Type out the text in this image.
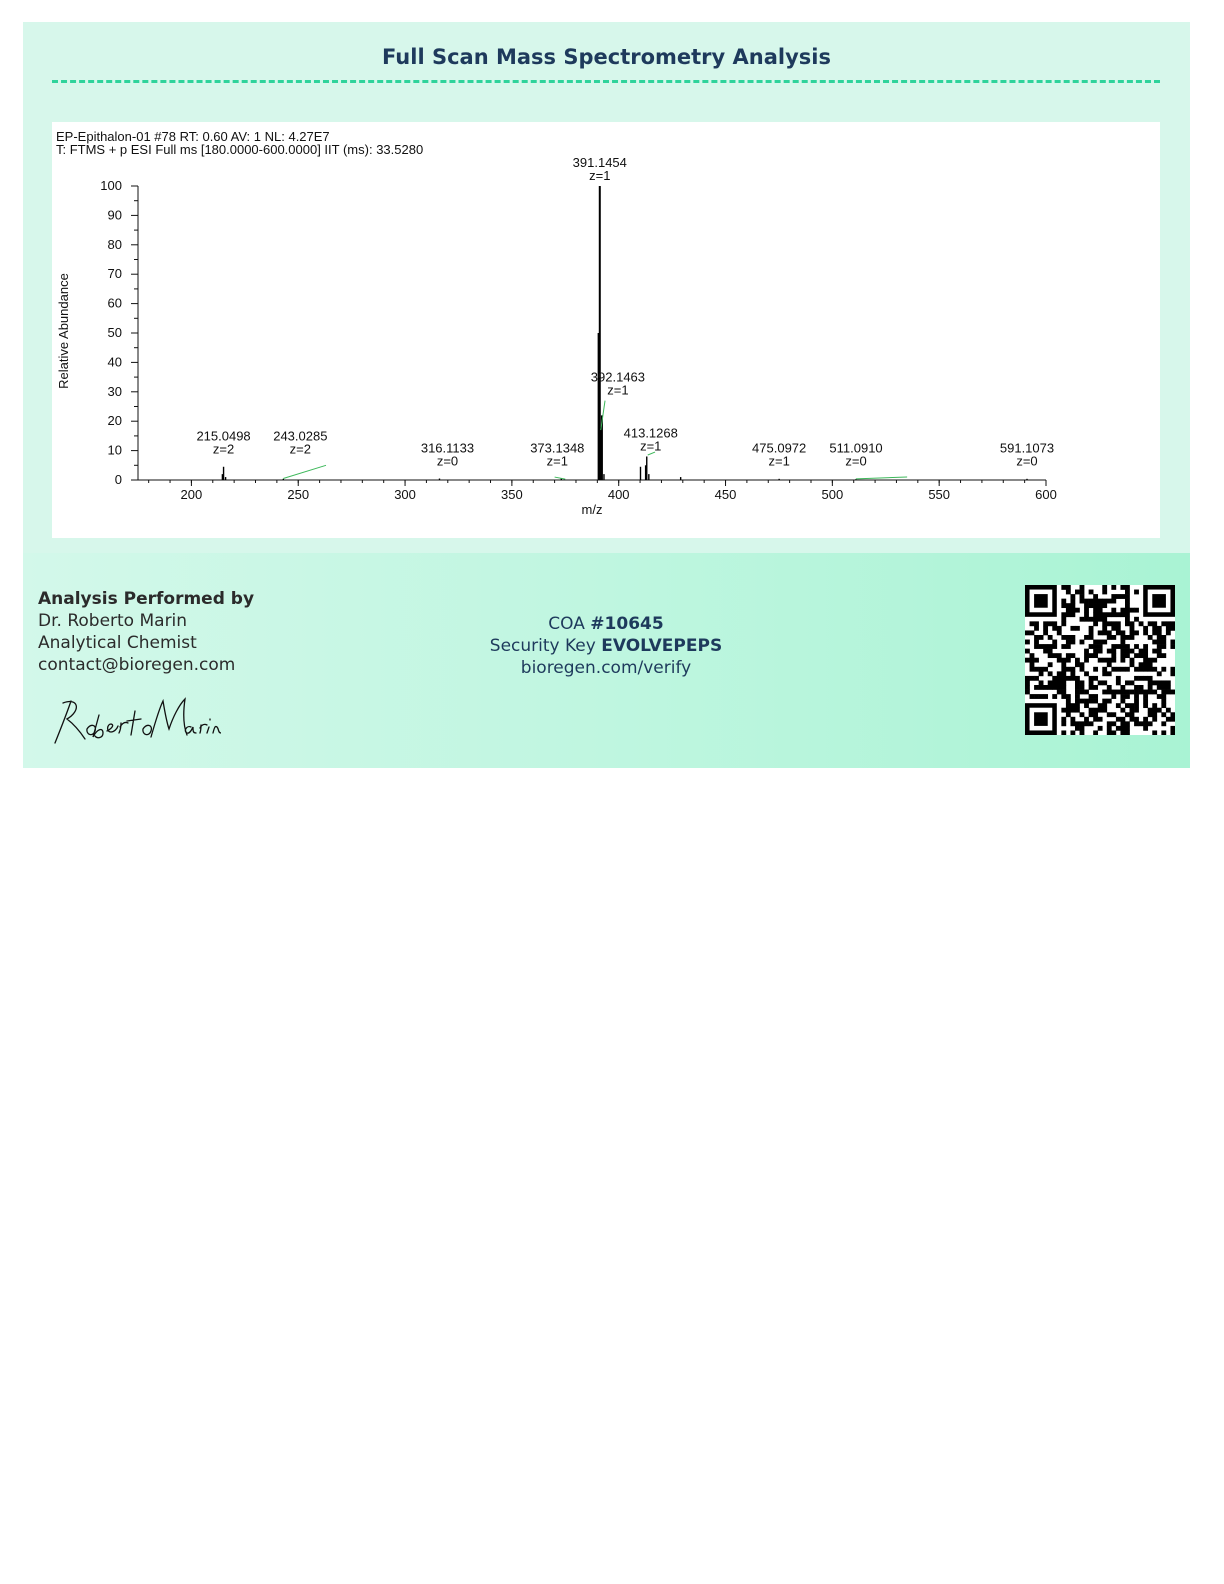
Full Scan Mass Spectrometry Analysis
EP-Epithalon-01 #78 RT: 0.60 AV: 1 NL: 4.27E7
T: FTMS + p ESI Full ms [180.0000-600.0000] IIT (ms): 33.5280
Relative Abundance
m/z
0
10
20
30
40
50
60
70
80
90
100
200	250	300	350	400	450	500	550	600
215.0498
z=2
243.0285
z=2	316.1133
z=0
373.1348
z=1
391.1454
z=1
392.1463
z=1
413.1268
z=1	475.0972
z=1
511.0910
z=0
591.1073
z=0
Analysis Performed by
Dr. Roberto Marin
Analytical Chemist
contact@bioregen.com
COA #10645
Security Key EVOLVEPEPS
bioregen.com/verify
